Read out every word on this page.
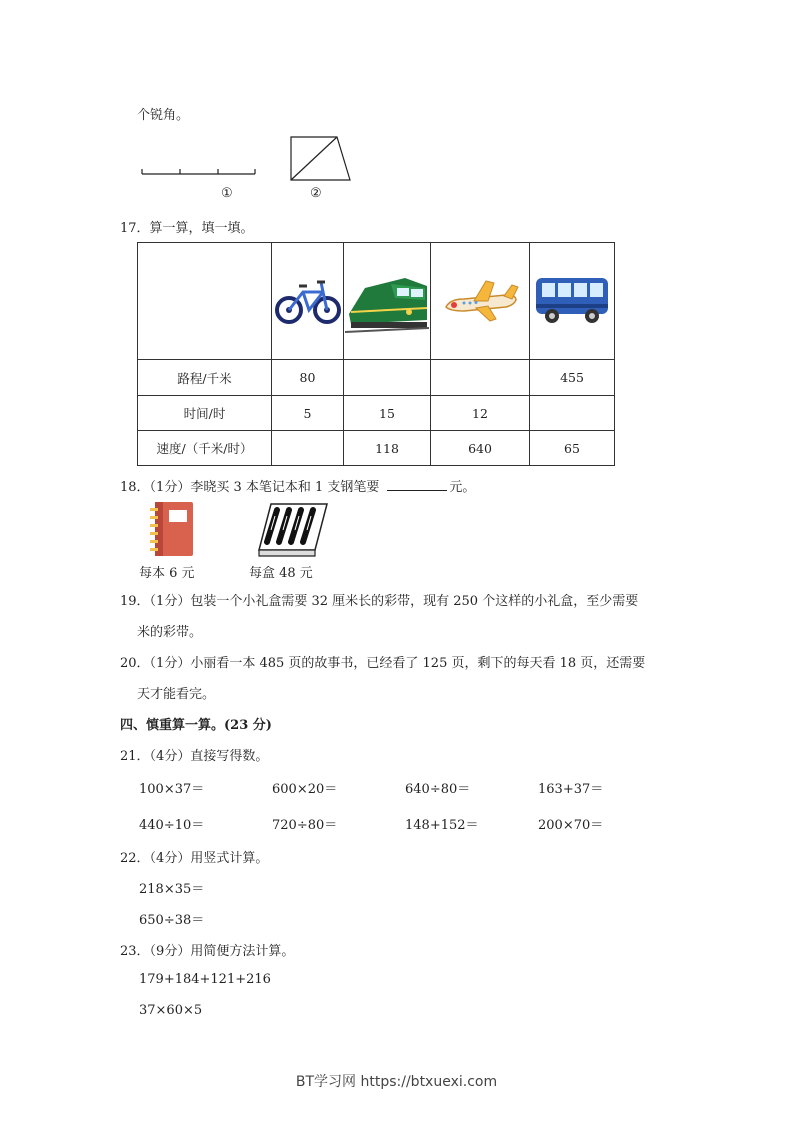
个锐角。
①	②
17．算一算，填一填。

路程/千米	80			455
时间/时	5	15	12	
速度/（千米/时）		118	640	65
18．（1分）李晓买 3 本笔记本和 1 支钢笔要	元。
每本 6 元	每盒 48 元
19．（1分）包装一个小礼盒需要 32 厘米长的彩带，现有 250 个这样的小礼盒，至少需要
米的彩带。
20．（1分）小丽看一本 485 页的故事书，已经看了 125 页，剩下的每天看 18 页，还需要
天才能看完。
四、慎重算一算。(23 分)
21．（4分）直接写得数。
100×37＝	600×20＝	640÷80＝	163+37＝
440÷10＝	720÷80＝	148+152＝	200×70＝
22．（4分）用竖式计算。
218×35＝
650÷38＝
23．（9分）用简便方法计算。
179+184+121+216
37×60×5
BT学习网 https://btxuexi.com
